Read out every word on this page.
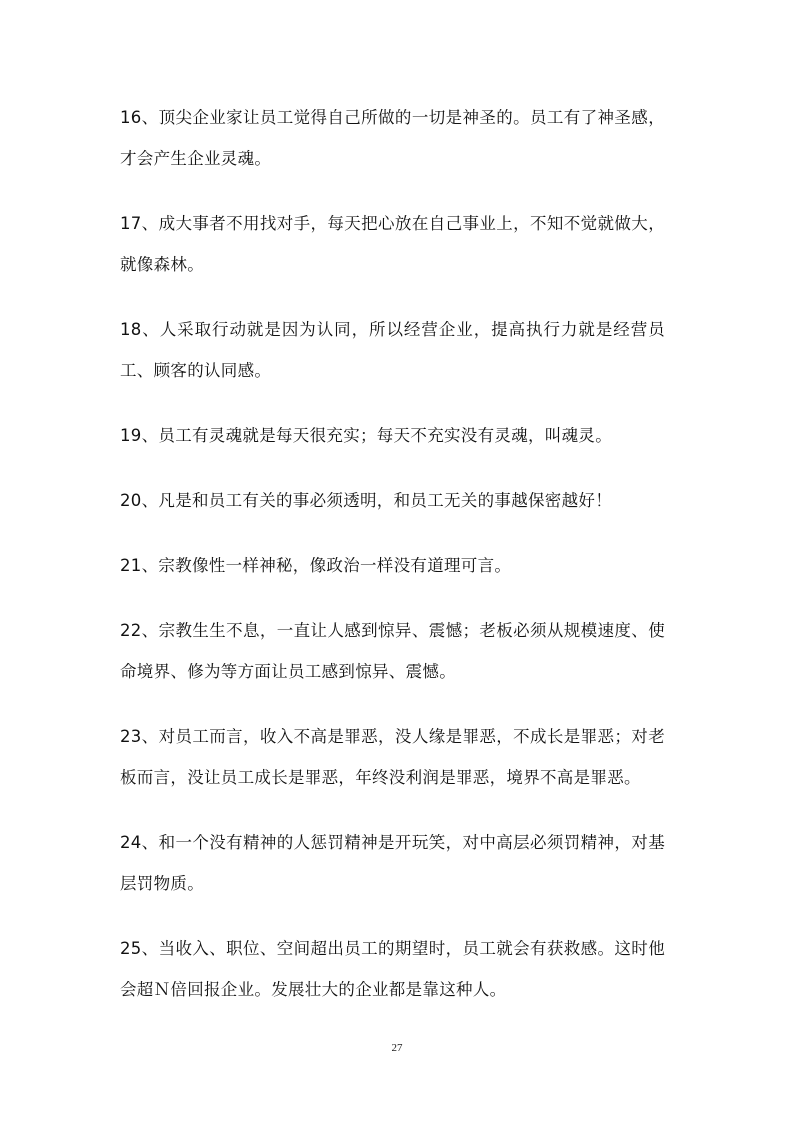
16、顶尖企业家让员工觉得自己所做的一切是神圣的。员工有了神圣感，才会产生企业灵魂。

17、成大事者不用找对手，每天把心放在自己事业上，不知不觉就做大，就像森林。

18、人采取行动就是因为认同，所以经营企业，提高执行力就是经营员工、顾客的认同感。

19、员工有灵魂就是每天很充实；每天不充实没有灵魂，叫魂灵。

20、凡是和员工有关的事必须透明，和员工无关的事越保密越好！

21、宗教像性一样神秘，像政治一样没有道理可言。

22、宗教生生不息，一直让人感到惊异、震憾；老板必须从规模速度、使命境界、修为等方面让员工感到惊异、震憾。

23、对员工而言，收入不高是罪恶，没人缘是罪恶，不成长是罪恶；对老板而言，没让员工成长是罪恶，年终没利润是罪恶，境界不高是罪恶。

24、和一个没有精神的人惩罚精神是开玩笑，对中高层必须罚精神，对基层罚物质。

25、当收入、职位、空间超出员工的期望时，员工就会有获救感。这时他会超Ｎ倍回报企业。发展壮大的企业都是靠这种人。

27
